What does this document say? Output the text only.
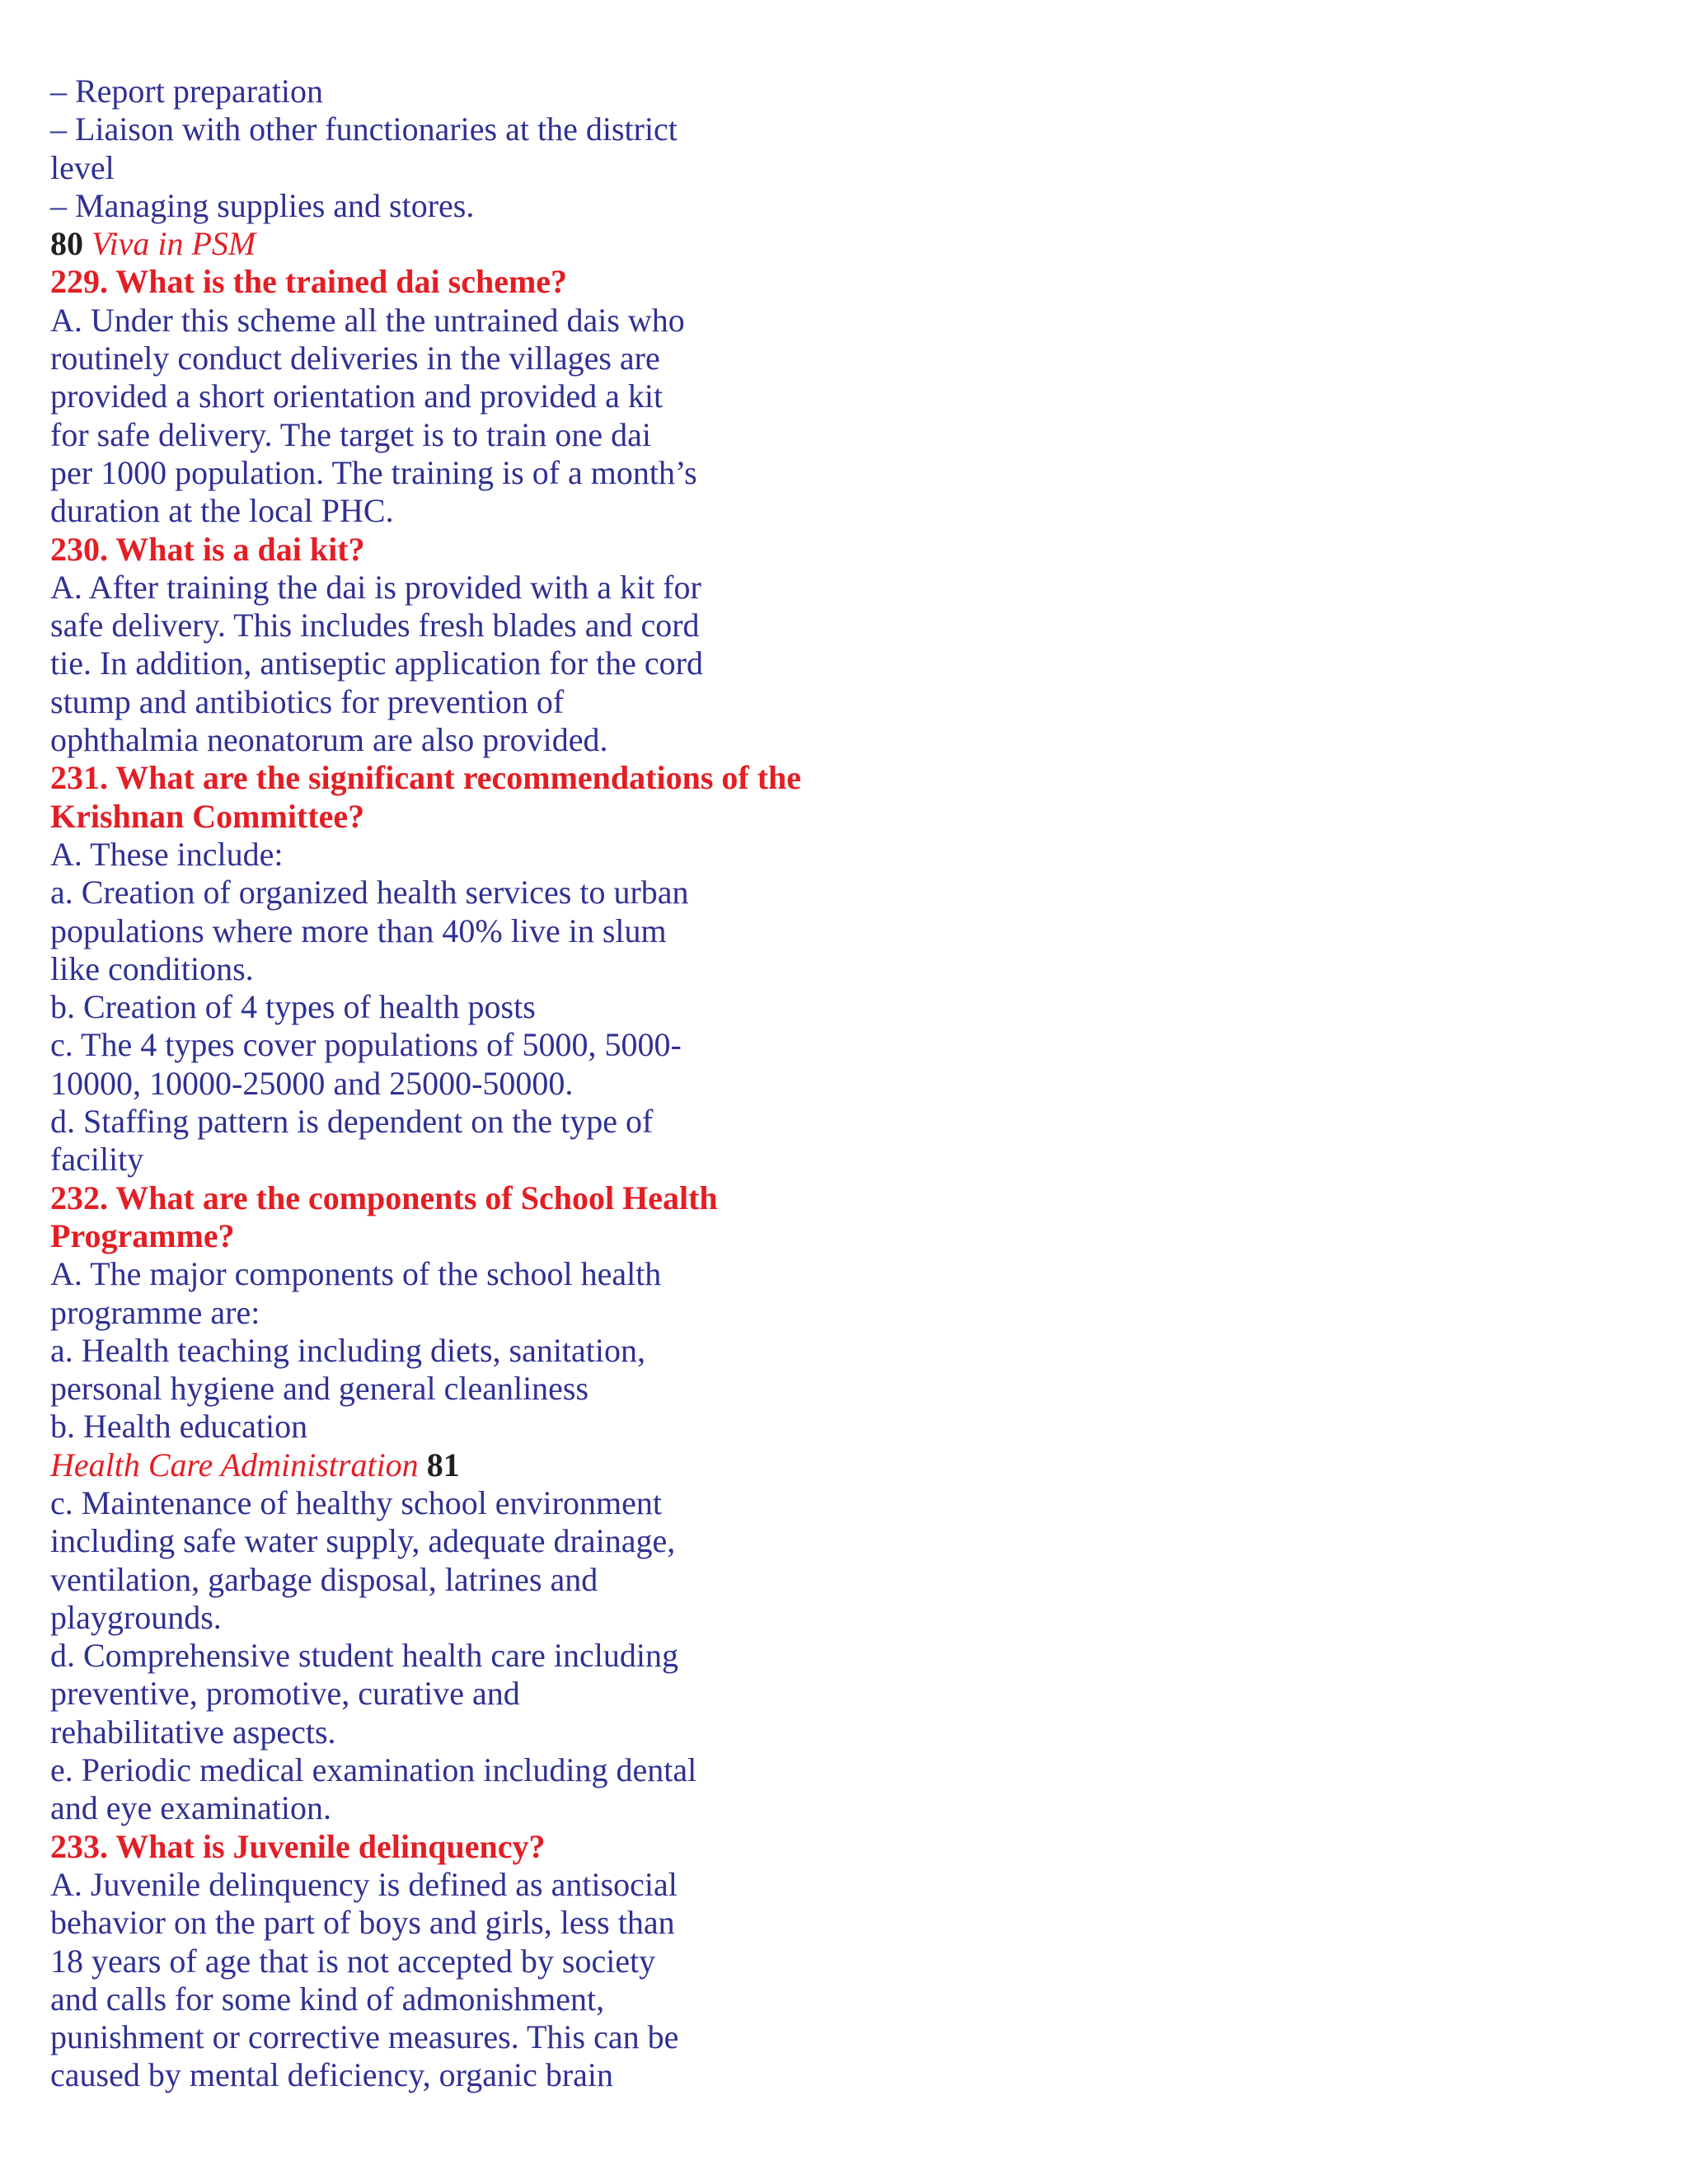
– Report preparation
– Liaison with other functionaries at the district
level
– Managing supplies and stores.
80 Viva in PSM
229. What is the trained dai scheme?
A. Under this scheme all the untrained dais who
routinely conduct deliveries in the villages are
provided a short orientation and provided a kit
for safe delivery. The target is to train one dai
per 1000 population. The training is of a month’s
duration at the local PHC.
230. What is a dai kit?
A. After training the dai is provided with a kit for
safe delivery. This includes fresh blades and cord
tie. In addition, antiseptic application for the cord
stump and antibiotics for prevention of
ophthalmia neonatorum are also provided.
231. What are the significant recommendations of the
Krishnan Committee?
A. These include:
a. Creation of organized health services to urban
populations where more than 40% live in slum
like conditions.
b. Creation of 4 types of health posts
c. The 4 types cover populations of 5000, 5000-
10000, 10000-25000 and 25000-50000.
d. Staffing pattern is dependent on the type of
facility
232. What are the components of School Health
Programme?
A. The major components of the school health
programme are:
a. Health teaching including diets, sanitation,
personal hygiene and general cleanliness
b. Health education
Health Care Administration 81
c. Maintenance of healthy school environment
including safe water supply, adequate drainage,
ventilation, garbage disposal, latrines and
playgrounds.
d. Comprehensive student health care including
preventive, promotive, curative and
rehabilitative aspects.
e. Periodic medical examination including dental
and eye examination.
233. What is Juvenile delinquency?
A. Juvenile delinquency is defined as antisocial
behavior on the part of boys and girls, less than
18 years of age that is not accepted by society
and calls for some kind of admonishment,
punishment or corrective measures. This can be
caused by mental deficiency, organic brain
